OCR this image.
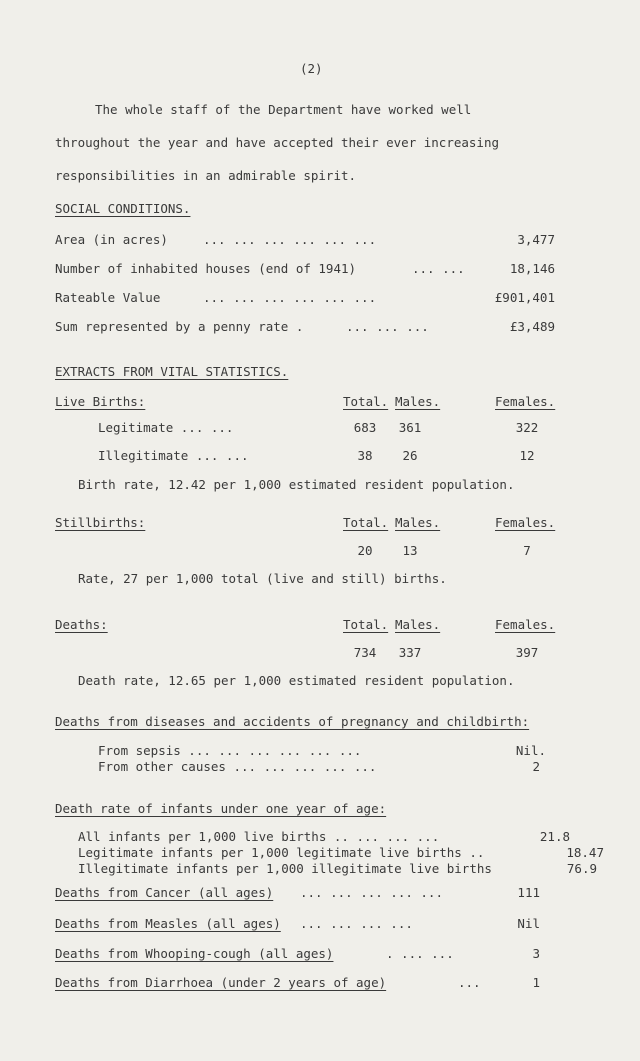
(2)
The whole staff of the Department have worked well
throughout the year and have accepted their ever increasing
responsibilities in an admirable spirit.
SOCIAL CONDITIONS.
Area (in acres)	... ... ... ... ... ...	3,477
Number of inhabited houses (end of 1941)	... ...	18,146
Rateable Value	... ... ... ... ... ...	£901,401
Sum represented by a penny rate .	... ... ...	£3,489
EXTRACTS FROM VITAL STATISTICS.
Live Births:	Total. Males.	Females.
Legitimate ... ...	683	361	322
Illegitimate ... ...	38	26	12
Birth rate, 12.42 per 1,000 estimated resident population.
Stillbirths:	Total. Males.	Females.
20	13	7
Rate, 27 per 1,000 total (live and still) births.
Deaths:	Total. Males.	Females.
734	337	397
Death rate, 12.65 per 1,000 estimated resident population.
Deaths from diseases and accidents of pregnancy and childbirth:
From sepsis ... ... ... ... ... ...	Nil.
From other causes ... ... ... ... ...	2
Death rate of infants under one year of age:
All infants per 1,000 live births .. ... ... ...	21.8
Legitimate infants per 1,000 legitimate live births ..	18.47
Illegitimate infants per 1,000 illegitimate live births	76.9
Deaths from Cancer (all ages) ... ... ... ... ...	111
Deaths from Measles (all ages) ... ... ... ...	Nil
Deaths from Whooping-cough (all ages)	. ... ...	3
Deaths from Diarrhoea (under 2 years of age)	...	1
